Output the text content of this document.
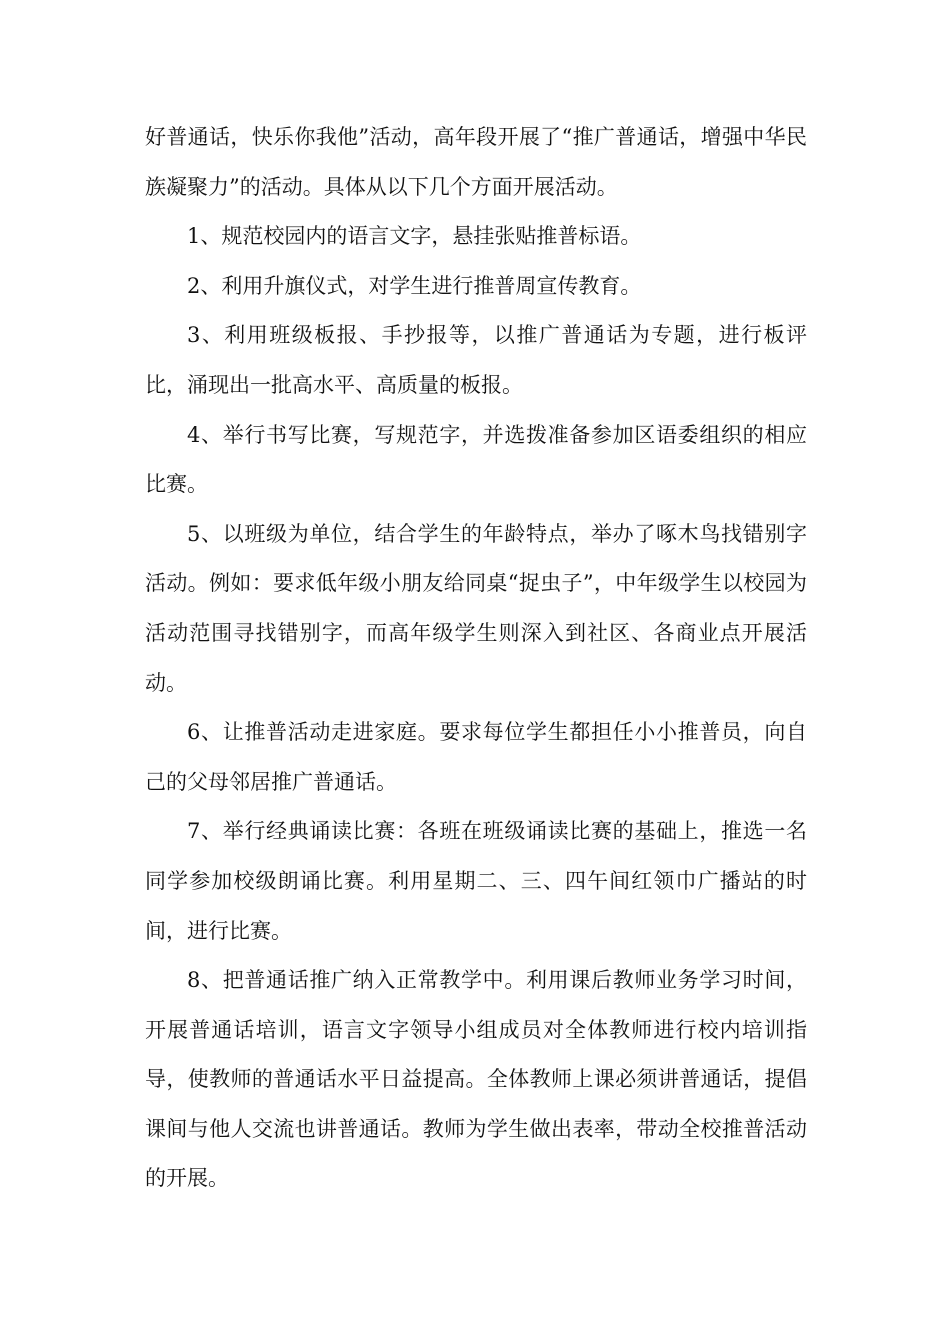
好普通话，快乐你我他”活动，高年段开展了“推广普通话，增强中华民族凝聚力”的活动。具体从以下几个方面开展活动。

1、规范校园内的语言文字，悬挂张贴推普标语。

2、利用升旗仪式，对学生进行推普周宣传教育。

3、利用班级板报、手抄报等，以推广普通话为专题，进行板评比，涌现出一批高水平、高质量的板报。

4、举行书写比赛，写规范字，并选拨准备参加区语委组织的相应比赛。

5、以班级为单位，结合学生的年龄特点，举办了啄木鸟找错别字活动。例如：要求低年级小朋友给同桌“捉虫子”，中年级学生以校园为活动范围寻找错别字，而高年级学生则深入到社区、各商业点开展活动。

6、让推普活动走进家庭。要求每位学生都担任小小推普员，向自己的父母邻居推广普通话。

7、举行经典诵读比赛：各班在班级诵读比赛的基础上，推选一名同学参加校级朗诵比赛。利用星期二、三、四午间红领巾广播站的时间，进行比赛。

8、把普通话推广纳入正常教学中。利用课后教师业务学习时间，开展普通话培训，语言文字领导小组成员对全体教师进行校内培训指导，使教师的普通话水平日益提高。全体教师上课必须讲普通话，提倡课间与他人交流也讲普通话。教师为学生做出表率，带动全校推普活动的开展。
